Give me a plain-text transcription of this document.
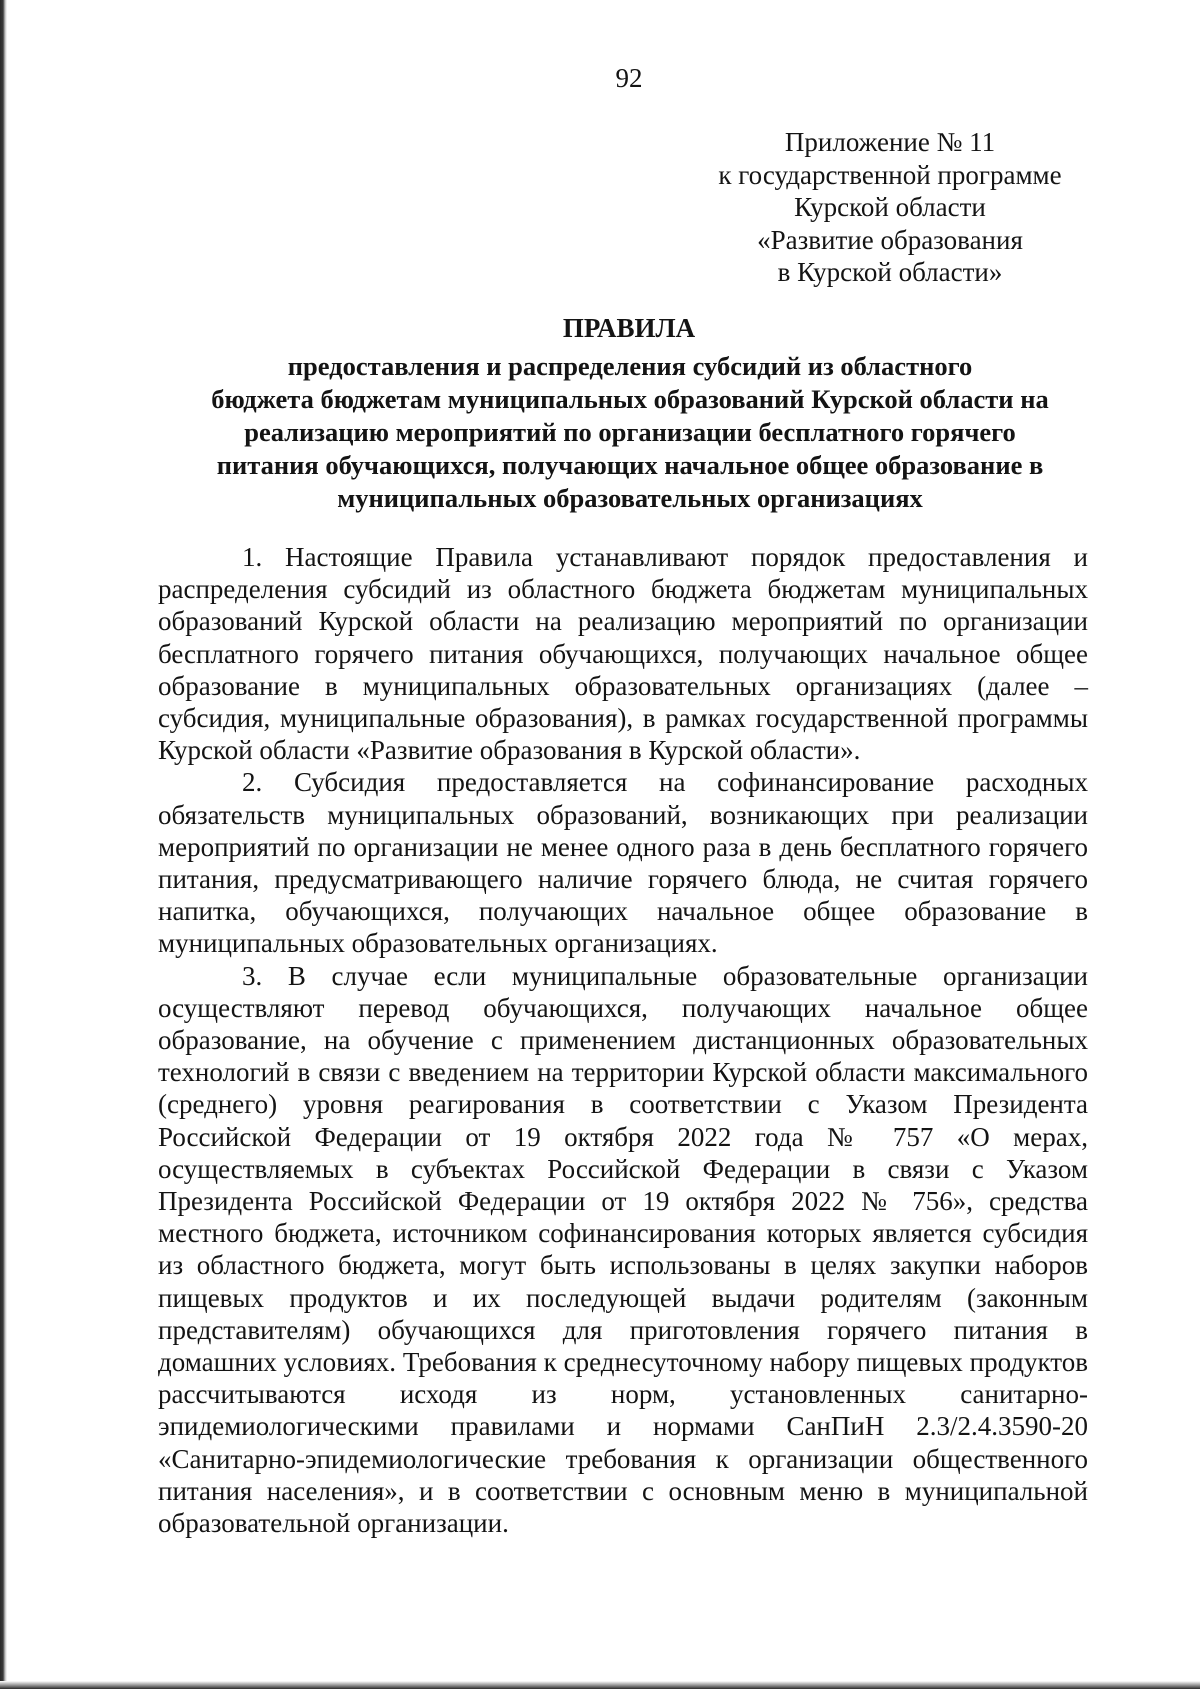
92
Приложение № 11
к государственной программе
Курской области
«Развитие образования
в Курской области»
ПРАВИЛА
предоставления и распределения субсидий из областного
бюджета бюджетам муниципальных образований Курской области на
реализацию мероприятий по организации бесплатного горячего
питания обучающихся, получающих начальное общее образование в
муниципальных образовательных организациях

1. Настоящие Правила устанавливают порядок предоставления и распределения субсидий из областного бюджета бюджетам муниципальных образований Курской области на реализацию мероприятий по организации бесплатного горячего питания обучающихся, получающих начальное общее образование в муниципальных образовательных организациях (далее – субсидия, муниципальные образования), в рамках государственной программы Курской области «Развитие образования в Курской области».

2. Субсидия предоставляется на софинансирование расходных обязательств муниципальных образований, возникающих при реализации мероприятий по организации не менее одного раза в день бесплатного горячего питания, предусматривающего наличие горячего блюда, не считая горячего напитка, обучающихся, получающих начальное общее образование в муниципальных образовательных организациях.

3. В случае если муниципальные образовательные организации осуществляют перевод обучающихся, получающих начальное общее образование, на обучение с применением дистанционных образовательных технологий в связи с введением на территории Курской области максимального (среднего) уровня реагирования в соответствии с Указом Президента Российской Федерации от 19 октября 2022 года № 757 «О мерах, осуществляемых в субъектах Российской Федерации в связи с Указом Президента Российской Федерации от 19 октября 2022 № 756», средства местного бюджета, источником софинансирования которых является субсидия из областного бюджета, могут быть использованы в целях закупки наборов пищевых продуктов и их последующей выдачи родителям (законным представителям) обучающихся для приготовления горячего питания в домашних условиях. Требования к среднесуточному набору пищевых продуктов рассчитываются исходя из норм, установленных санитарно-эпидемиологическими правилами и нормами СанПиН 2.3/2.4.3590-20 «Санитарно-эпидемиологические требования к организации общественного питания населения», и в соответствии с основным меню в муниципальной образовательной организации.
